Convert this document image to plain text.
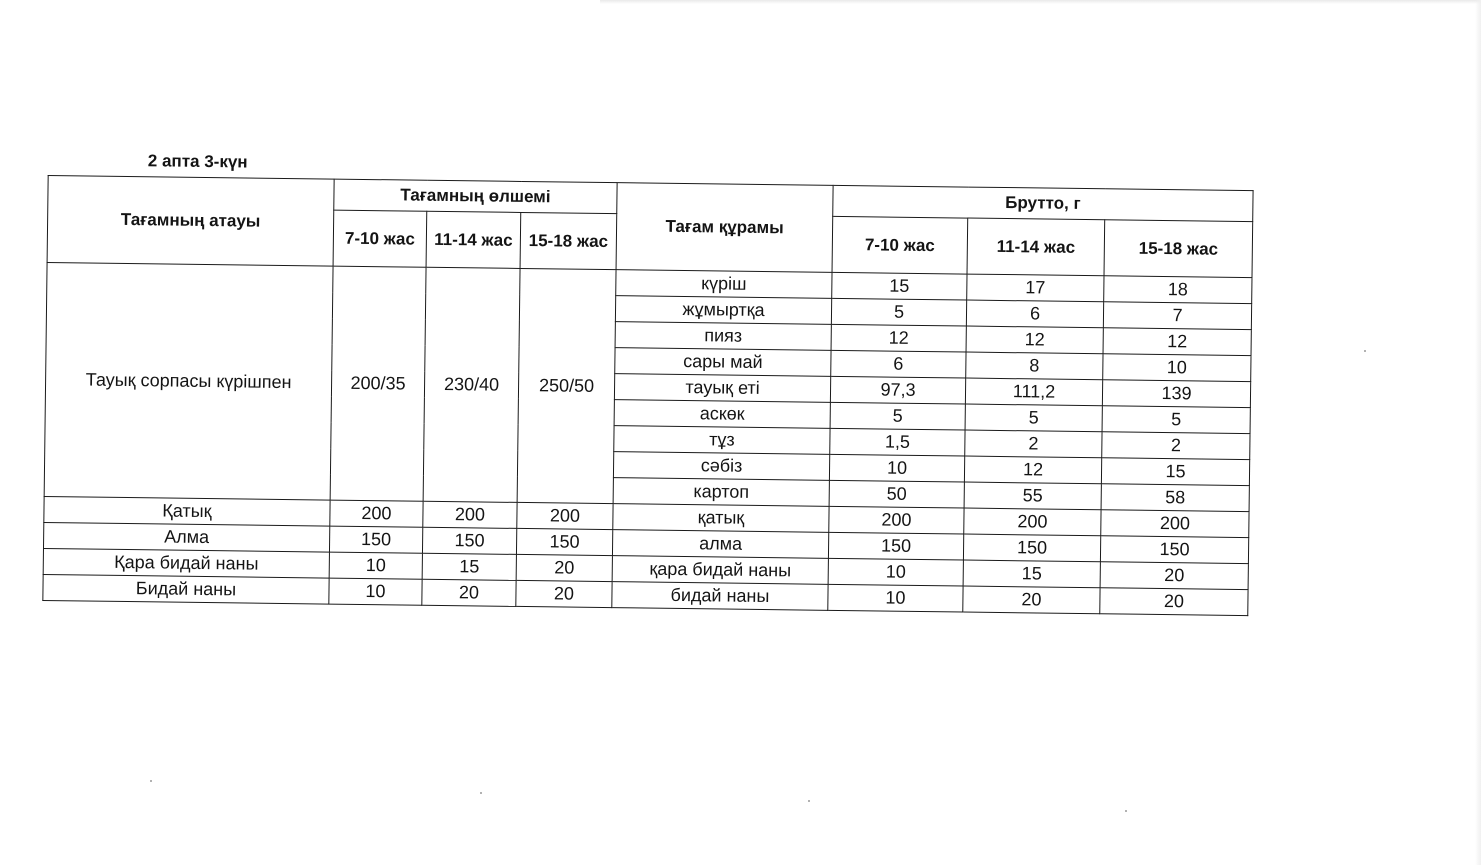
2 апта 3-күн
Тағамның атауы	Тағамның өлшемі			Тағам құрамы	Брутто, г		
	7-10 жас	11-14 жас	15-18 жас		7-10 жас	11-14 жас	15-18 жас
Тауық сорпасы күрішпен	200/35	230/40	250/50	күріш	15	17	18
				жұмыртқа	5	6	7
				пияз	12	12	12
				сары май	6	8	10
				тауық еті	97,3	111,2	139
				аскөк	5	5	5
				тұз	1,5	2	2
				сәбіз	10	12	15
				картоп	50	55	58
Қатық	200	200	200	қатық	200	200	200
Алма	150	150	150	алма	150	150	150
Қара бидай наны	10	15	20	қара бидай наны	10	15	20
Бидай наны	10	20	20	бидай наны	10	20	20
